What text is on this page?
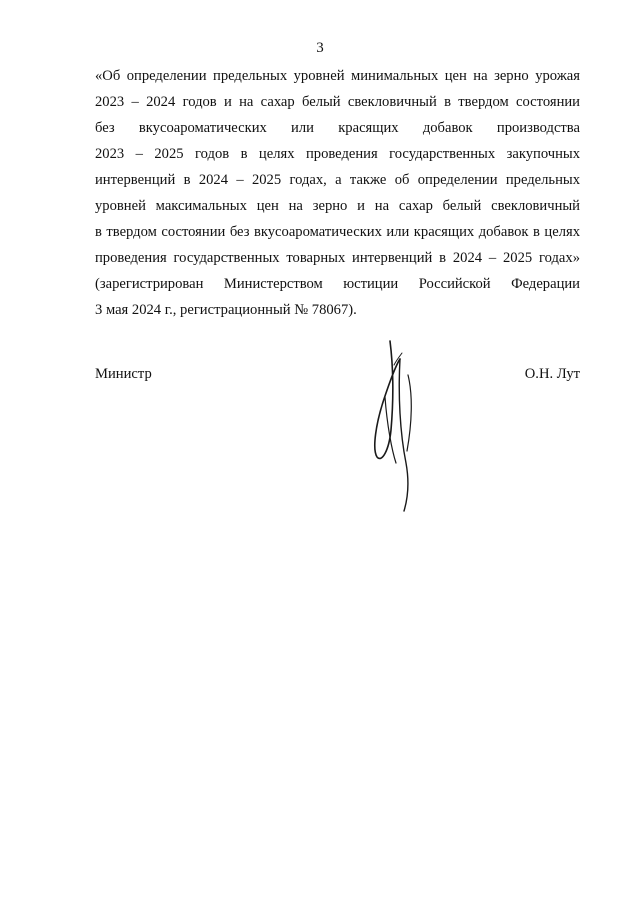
3
«Об определении предельных уровней минимальных цен на зерно урожая
2023 – 2024 годов и на сахар белый свекловичный в твердом состоянии
без вкусоароматических или красящих добавок производства
2023 – 2025 годов в целях проведения государственных закупочных
интервенций в 2024 – 2025 годах, а также об определении предельных
уровней максимальных цен на зерно и на сахар белый свекловичный
в твердом состоянии без вкусоароматических или красящих добавок в целях
проведения государственных товарных интервенций в 2024 – 2025 годах»
(зарегистрирован Министерством юстиции Российской Федерации
3 мая 2024 г., регистрационный № 78067).
Министр	О.Н. Лут
